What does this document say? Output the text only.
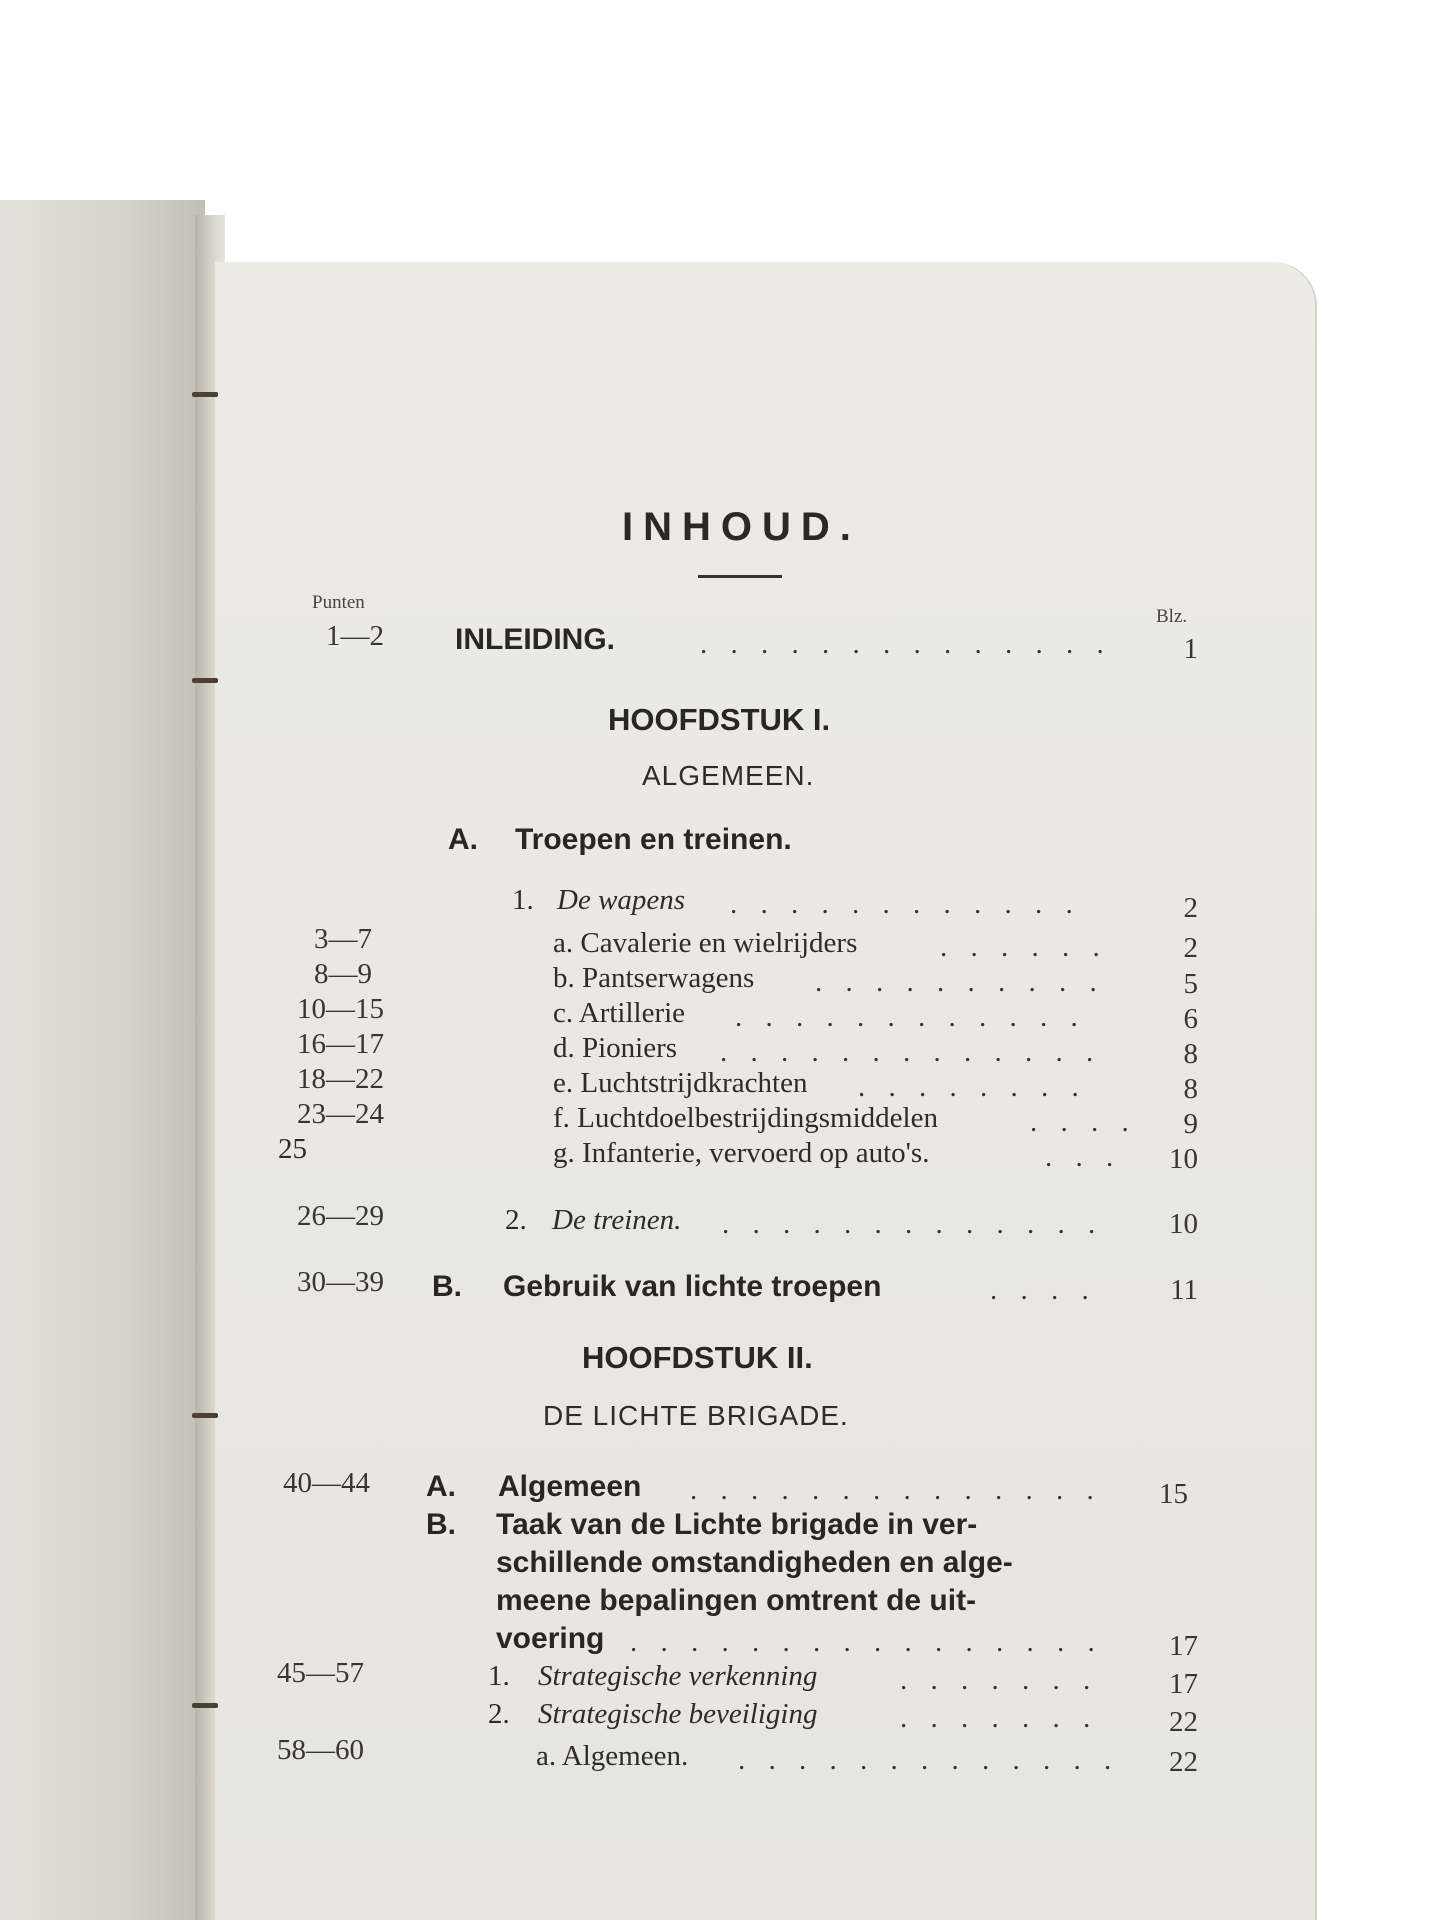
INHOUD.
Punten
Blz.
1—2 INLEIDING.	. . . . . . . . . . . . . .	1
HOOFDSTUK I.
ALGEMEEN.
A. Troepen en treinen.
1. De wapens . . . . . . . . . . . .	2
3—7	a. Cavalerie en wielrijders	. . . . . .	2
8—9	b. Pantserwagens . . . . . . . . . .	5
10—15	c. Artillerie . . . . . . . . . . . .	6
16—17	d. Pioniers . . . . . . . . . . . . .	8
18—22	e. Luchtstrijdkrachten . . . . . . . .	8
23—24	f. Luchtdoelbestrijdingsmiddelen	. . . .	9
25	g. Infanterie, vervoerd op auto's.	. . .	10
26—29	2. De treinen. . . . . . . . . . . . . .	10
30—39 B. Gebruik van lichte troepen	. . . .	11
HOOFDSTUK II.
DE LICHTE BRIGADE.
40—44 A. Algemeen . . . . . . . . . . . . . .	15
B. Taak van de Lichte brigade in ver-
schillende omstandigheden en alge-
meene bepalingen omtrent de uit-
voering . . . . . . . . . . . . . . . .	17
45—57	1. Strategische verkenning	. . . . . . .	17
2. Strategische beveiliging	. . . . . . .	22
58—60	a. Algemeen. . . . . . . . . . . . . .	22
